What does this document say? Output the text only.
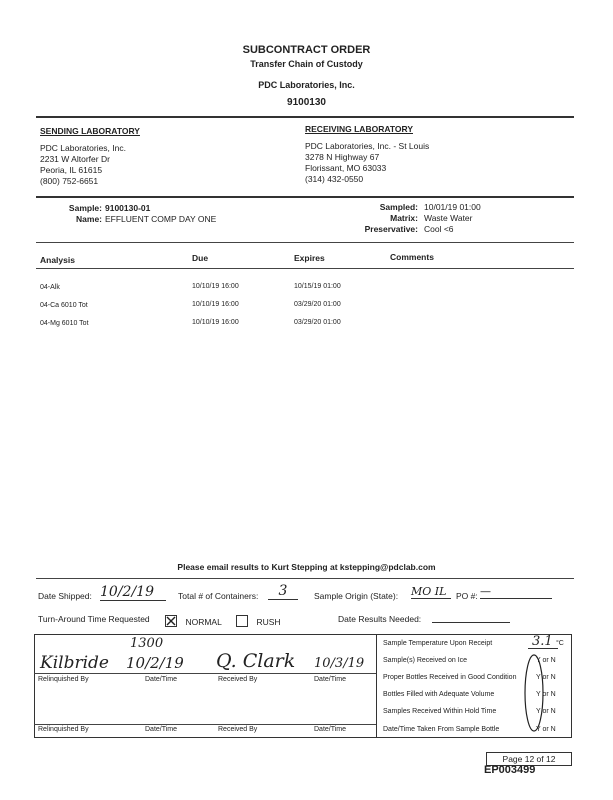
SUBCONTRACT ORDER
Transfer Chain of Custody
PDC Laboratories, Inc.
9100130
SENDING LABORATORY
PDC Laboratories, Inc.
2231 W Altorfer Dr
Peoria, IL 61615
(800) 752-6651
RECEIVING LABORATORY
PDC Laboratories, Inc. - St Louis
3278 N Highway 67
Florissant, MO 63033
(314) 432-0550
Sample: 9100130-01
Name: EFFLUENT COMP DAY ONE
Sampled: 10/01/19 01:00
Matrix: Waste Water
Preservative: Cool <6
Analysis	Due	Expires	Comments
04-Alk	10/10/19 16:00	10/15/19 01:00
04-Ca 6010 Tot	10/10/19 16:00	03/29/20 01:00
04-Mg 6010 Tot	10/10/19 16:00	03/29/20 01:00
Please email results to Kurt Stepping at kstepping@pdclab.com
Date Shipped: 10/2/19	Total # of Containers:	3	Sample Origin (State): MO IL	PO #: —
Turn-Around Time Requested	NORMAL	RUSH	Date Results Needed:
1300
Kilbride 10/2/19 Q. Clark 10/3/19
Relinquished By	Date/Time	Received By	Date/Time
Relinquished By	Date/Time	Received By	Date/Time
Sample Temperature Upon Receipt	3.1 °C
Sample(s) Received on Ice	Y or N
Proper Bottles Received in Good Condition	Y or N
Bottles Filled with Adequate Volume	Y or N
Samples Received Within Hold Time	Y or N
Date/Time Taken From Sample Bottle	Y or N
Page 12 of 12
EP003499
